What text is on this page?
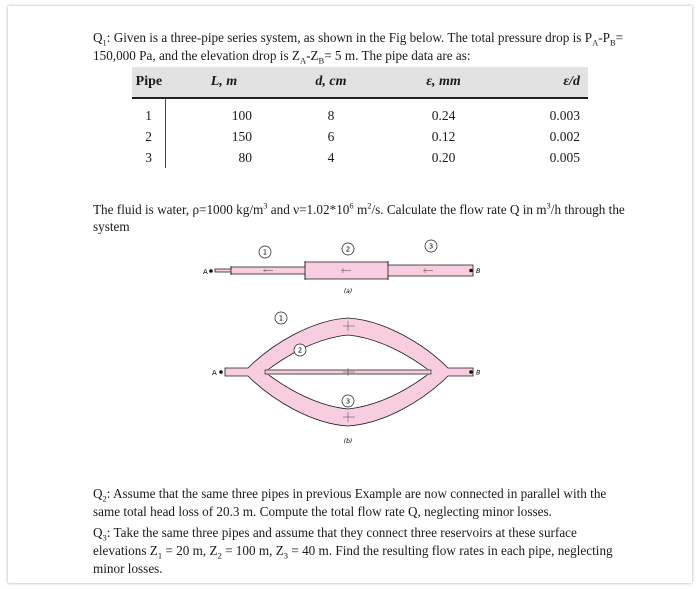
$Q_1$: Given is a three-pipe series system, as shown in the Fig below. The total pressure drop is $P_A-P_B= 150,000$ Pa, and the elevation drop is $Z_A-Z_B= 5$ m. The pipe data are as:
Pipe	L, m	d, cm	ε, mm	ε/d
1	100	8	0.24	0.003
2	150	6	0.12	0.002
3	80	4	0.20	0.005
The fluid is water, ρ=1000 $kg/m^3$ and $\nu=1.02*10^6$ $m^2/s$. Calculate the flow rate Q in $m^3/h$ through the system
A
1	2	3
B
(a)
A
1
2
3
B
(b)
$Q_2$: Assume that the same three pipes in previous Example are now connected in parallel with the same total head loss of 20.3 m. Compute the total flow rate Q, neglecting minor losses.
$Q_3$: Take the same three pipes and assume that they connect three reservoirs at these surface elevations $Z_1 = 20$ m, $Z_2 = 100$ m, $Z_3 = 40$ m. Find the resulting flow rates in each pipe, neglecting minor losses.
